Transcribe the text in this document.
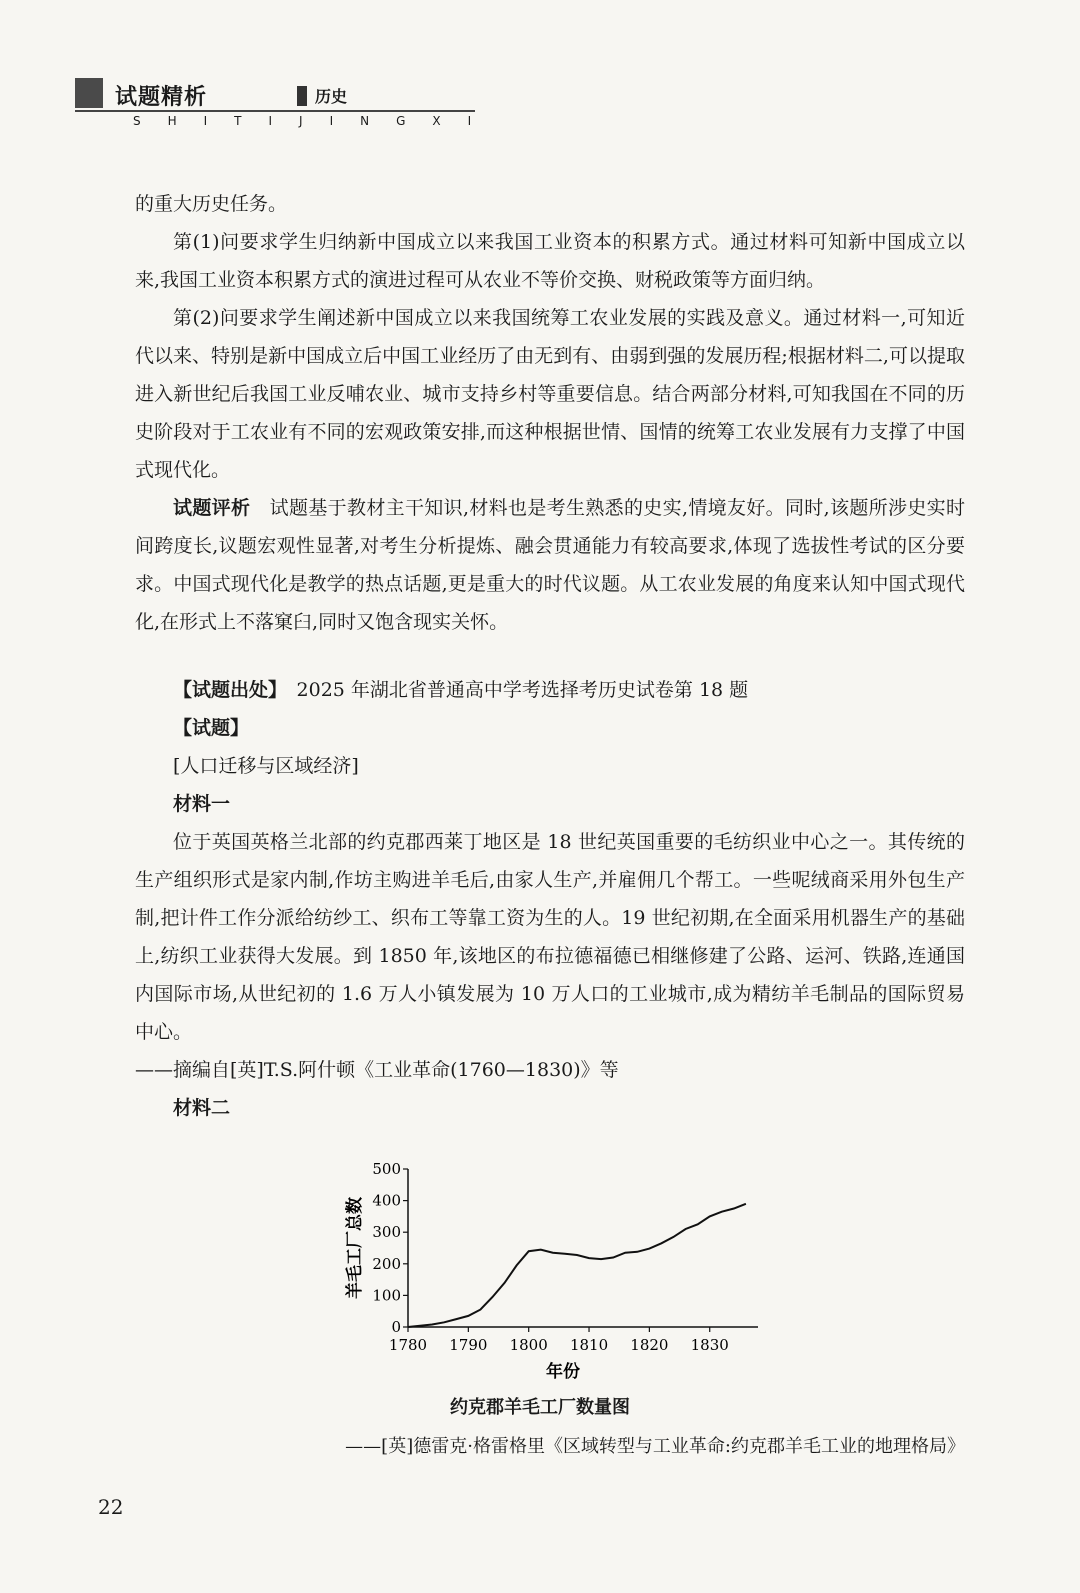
试题精析	历史
SHITIJINGXI

的重大历史任务。

第(1)问要求学生归纳新中国成立以来我国工业资本的积累方式。通过材料可知新中国成立以来,我国工业资本积累方式的演进过程可从农业不等价交换、财税政策等方面归纳。

第(2)问要求学生阐述新中国成立以来我国统筹工农业发展的实践及意义。通过材料一,可知近代以来、特别是新中国成立后中国工业经历了由无到有、由弱到强的发展历程;根据材料二,可以提取进入新世纪后我国工业反哺农业、城市支持乡村等重要信息。结合两部分材料,可知我国在不同的历史阶段对于工农业有不同的宏观政策安排,而这种根据世情、国情的统筹工农业发展有力支撑了中国式现代化。

试题评析　 试题基于教材主干知识,材料也是考生熟悉的史实,情境友好。同时,该题所涉史实时间跨度长,议题宏观性显著,对考生分析提炼、融会贯通能力有较高要求,体现了选拔性考试的区分要求。中国式现代化是教学的热点话题,更是重大的时代议题。从工农业发展的角度来认知中国式现代化,在形式上不落窠臼,同时又饱含现实关怀。

【试题出处】　 2025 年湖北省普通高中学考选择考历史试卷第 18 题

【试题】

[人口迁移与区域经济]

材料一

位于英国英格兰北部的约克郡西莱丁地区是 18 世纪英国重要的毛纺织业中心之一。其传统的生产组织形式是家内制,作坊主购进羊毛后,由家人生产,并雇佣几个帮工。一些呢绒商采用外包生产制,把计件工作分派给纺纱工、织布工等靠工资为生的人。19 世纪初期,在全面采用机器生产的基础上,纺织工业获得大发展。到 1850 年,该地区的布拉德福德已相继修建了公路、运河、铁路,连通国内国际市场,从世纪初的 1.6 万人小镇发展为 10 万人口的工业城市,成为精纺羊毛制品的国际贸易中心。

——摘编自[英]T.S.阿什顿《工业革命(1760—1830)》等

材料二

0
100
200
300
400
500
1780 1790 1800 1810 1820 1830
年份
羊毛工厂总数
约克郡羊毛工厂数量图
——[英]德雷克·格雷格里《区域转型与工业革命:约克郡羊毛工业的地理格局》
22
